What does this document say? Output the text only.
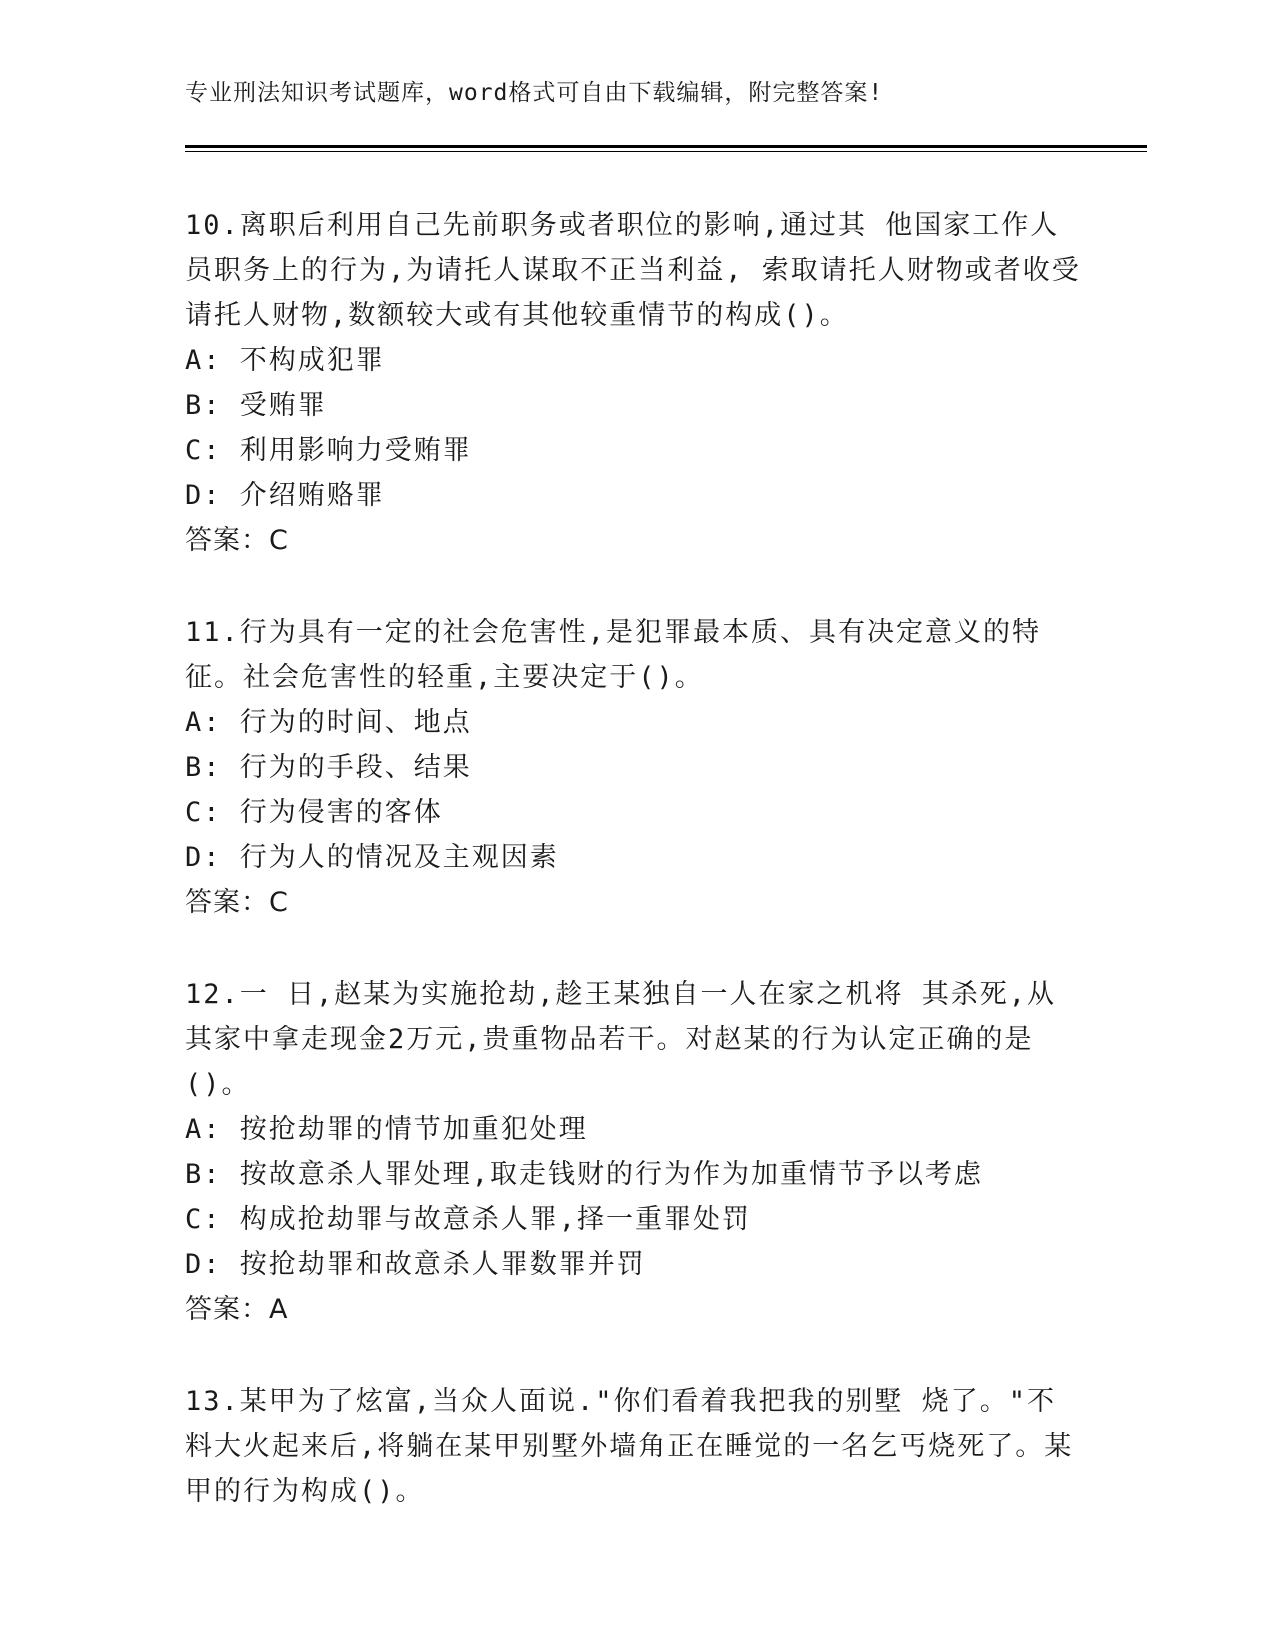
专业刑法知识考试题库，word格式可自由下载编辑，附完整答案!

10.离职后利用自己先前职务或者职位的影响,通过其 他国家工作人员职务上的行为,为请托人谋取不正当利益, 索取请托人财物或者收受请托人财物,数额较大或有其他较重情节的构成()。

A: 不构成犯罪
B: 受贿罪
C: 利用影响力受贿罪
D: 介绍贿赂罪
答案：C

11.行为具有一定的社会危害性,是犯罪最本质、具有决定意义的特征。社会危害性的轻重,主要决定于()。

A: 行为的时间、地点
B: 行为的手段、结果
C: 行为侵害的客体
D: 行为人的情况及主观因素
答案：C

12.一 日,赵某为实施抢劫,趁王某独自一人在家之机将 其杀死,从其家中拿走现金2万元,贵重物品若干。对赵某的行为认定正确的是()。

A: 按抢劫罪的情节加重犯处理
B: 按故意杀人罪处理,取走钱财的行为作为加重情节予以考虑
C: 构成抢劫罪与故意杀人罪,择一重罪处罚
D: 按抢劫罪和故意杀人罪数罪并罚
答案：A

13.某甲为了炫富,当众人面说."你们看着我把我的别墅 烧了。"不料大火起来后,将躺在某甲别墅外墙角正在睡觉的一名乞丐烧死了。某甲的行为构成()。
